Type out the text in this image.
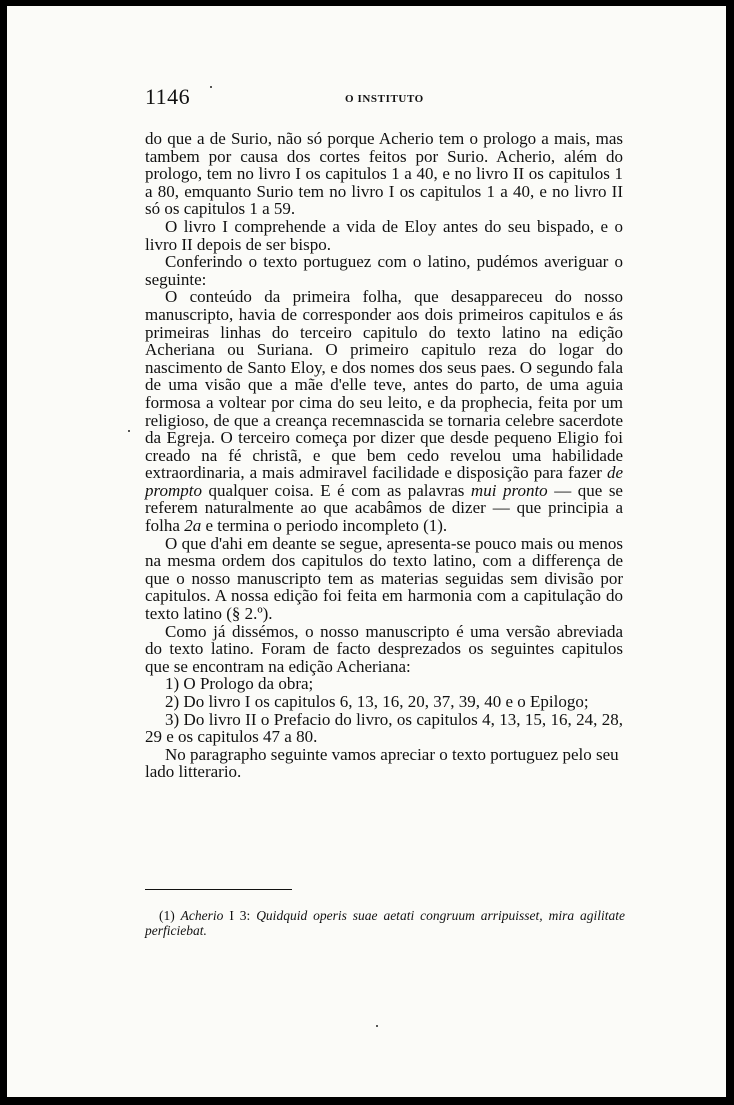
1146	O INSTITUTO

do que a de Surio, não só porque Acherio tem o prologo a mais, mas tambem por causa dos cortes feitos por Surio. Acherio, além do prologo, tem no livro I os capitulos 1 a 40, e no livro II os capitulos 1 a 80, emquanto Surio tem no livro I os capitulos 1 a 40, e no livro II só os capitulos 1 a 59.

O livro I comprehende a vida de Eloy antes do seu bispado, e o livro II depois de ser bispo.

Conferindo o texto portuguez com o latino, pudémos averiguar o seguinte:

O conteúdo da primeira folha, que desappareceu do nosso manuscripto, havia de corresponder aos dois primeiros capitulos e ás primeiras linhas do terceiro capitulo do texto latino na edição Acheriana ou Suriana. O primeiro capitulo reza do logar do nascimento de Santo Eloy, e dos nomes dos seus paes. O segundo fala de uma visão que a mãe d'elle teve, antes do parto, de uma aguia formosa a voltear por cima do seu leito, e da prophecia, feita por um religioso, de que a creança recemnascida se tornaria celebre sacerdote da Egreja. O terceiro começa por dizer que desde pequeno Eligio foi creado na fé christã, e que bem cedo revelou uma habilidade extraordinaria, a mais admiravel facilidade e disposição para fazer de prompto qualquer coisa. E é com as palavras mui pronto — que se referem naturalmente ao que acabâmos de dizer — que principia a folha 2a e termina o periodo incompleto (1).

O que d'ahi em deante se segue, apresenta-se pouco mais ou menos na mesma ordem dos capitulos do texto latino, com a differença de que o nosso manuscripto tem as materias seguidas sem divisão por capitulos. A nossa edição foi feita em harmonia com a capitulação do texto latino (§ 2.º).

Como já dissémos, o nosso manuscripto é uma versão abreviada do texto latino. Foram de facto desprezados os seguintes capitulos que se encontram na edição Acheriana:

1) O Prologo da obra;

2) Do livro I os capitulos 6, 13, 16, 20, 37, 39, 40 e o Epilogo;

3) Do livro II o Prefacio do livro, os capitulos 4, 13, 15, 16, 24, 28, 29 e os capitulos 47 a 80.

No paragrapho seguinte vamos apreciar o texto portuguez pelo seu lado litterario.

(1) Acherio I 3: Quidquid operis suae aetati congruum arripuisset, mira agilitate perficiebat.
